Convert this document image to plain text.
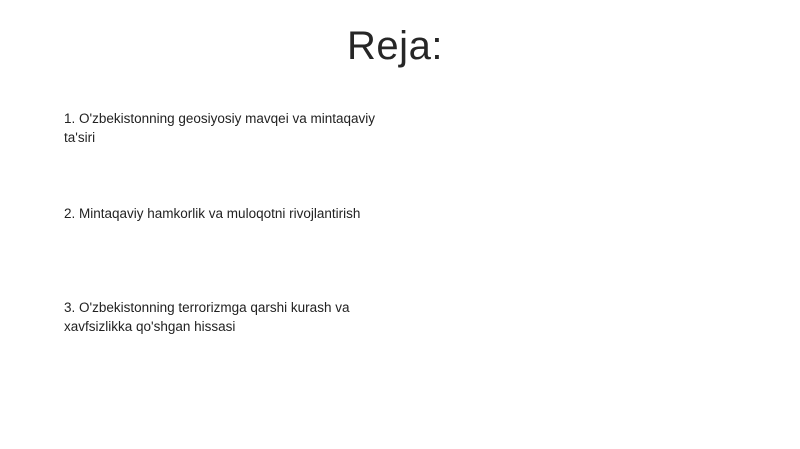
Reja:
1. O'zbekistonning geosiyosiy mavqei va mintaqaviy ta'siri
2. Mintaqaviy hamkorlik va muloqotni rivojlantirish
3. O'zbekistonning terrorizmga qarshi kurash va xavfsizlikka qo'shgan hissasi
